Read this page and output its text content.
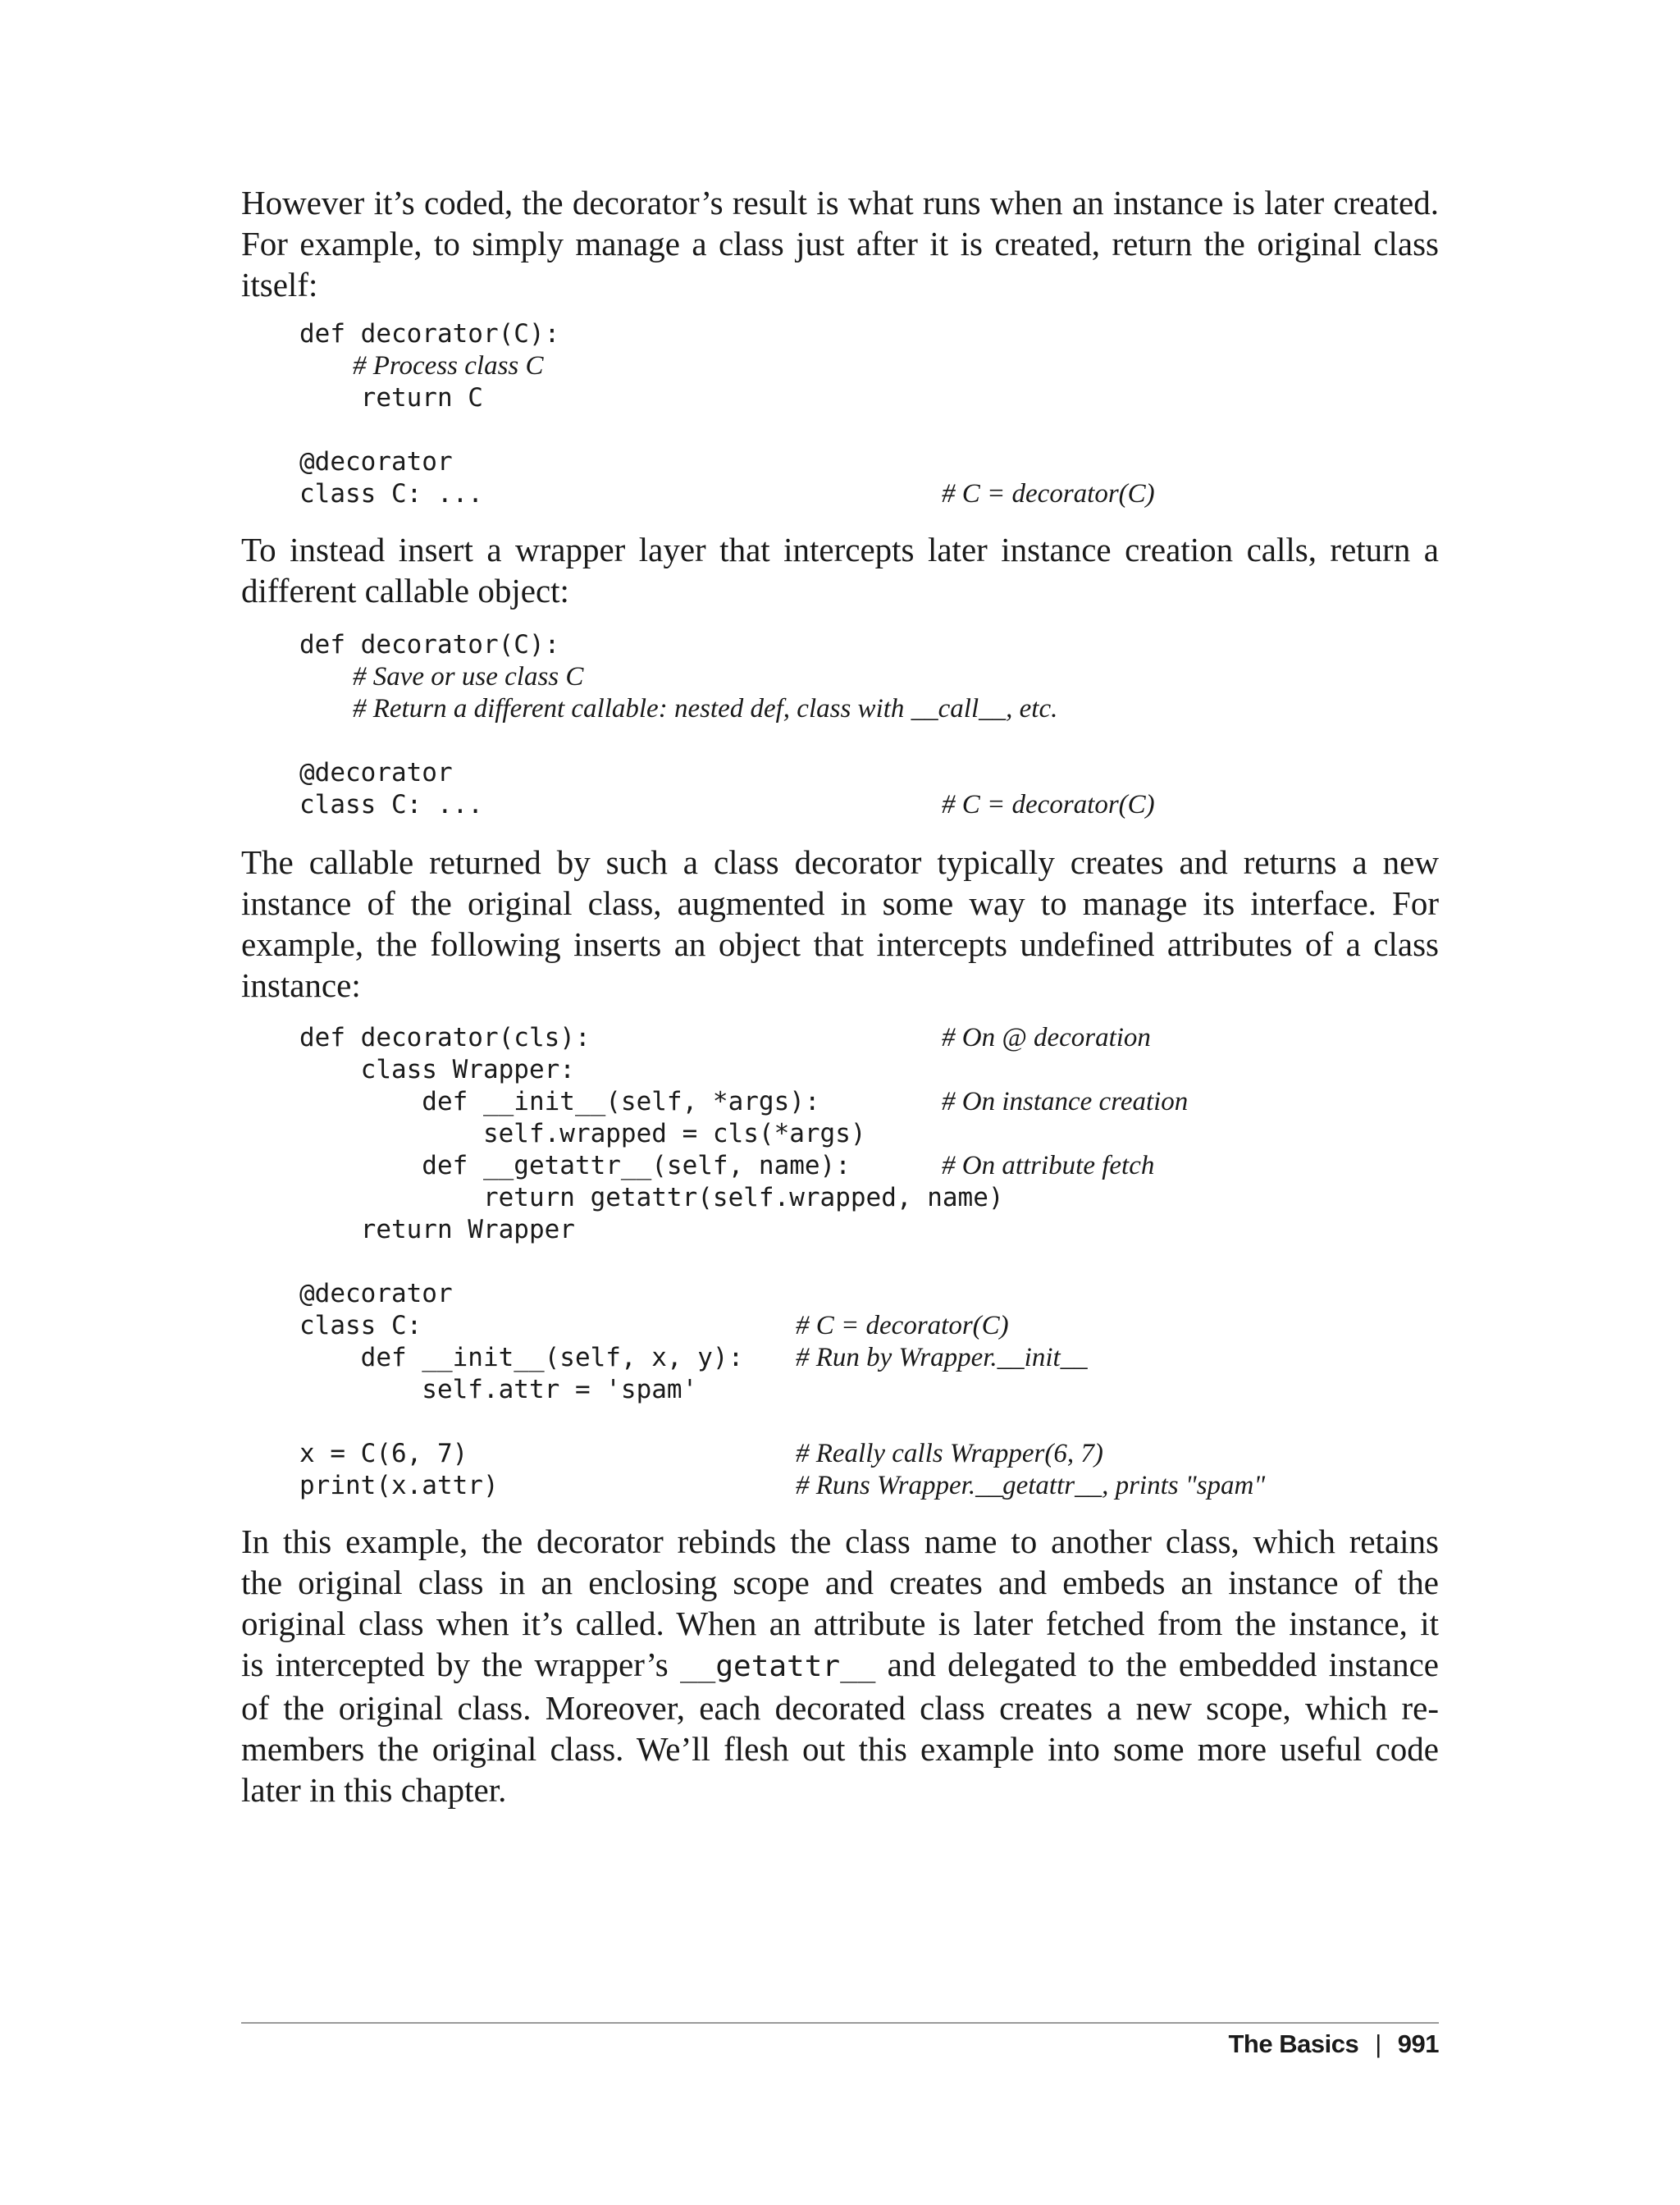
However it’s coded, the decorator’s result is what runs when an instance is later created.
For example, to simply manage a class just after it is created, return the original class
itself:
def decorator(C):
# Process class C
return C
@decorator
class C: ...	# C = decorator(C)
To instead insert a wrapper layer that intercepts later instance creation calls, return a
different callable object:
def decorator(C):
# Save or use class C
# Return a different callable: nested def, class with __call__, etc.
@decorator
class C: ...	# C = decorator(C)
The callable returned by such a class decorator typically creates and returns a new
instance of the original class, augmented in some way to manage its interface. For
example, the following inserts an object that intercepts undefined attributes of a class
instance:
def decorator(cls):	# On @ decoration
class Wrapper:
def __init__(self, *args):	# On instance creation
self.wrapped = cls(*args)
def __getattr__(self, name):	# On attribute fetch
return getattr(self.wrapped, name)
return Wrapper
@decorator
class C:	# C = decorator(C)
def __init__(self, x, y): # Run by Wrapper.__init__
self.attr = 'spam'
x = C(6, 7)	# Really calls Wrapper(6, 7)
print(x.attr)	# Runs Wrapper.__getattr__, prints "spam"
In this example, the decorator rebinds the class name to another class, which retains
the original class in an enclosing scope and creates and embeds an instance of the
original class when it’s called. When an attribute is later fetched from the instance, it
is intercepted by the wrapper’s __getattr__ and delegated to the embedded instance
of the original class. Moreover, each decorated class creates a new scope, which re-
members the original class. We’ll flesh out this example into some more useful code
later in this chapter.
The Basics | 991
